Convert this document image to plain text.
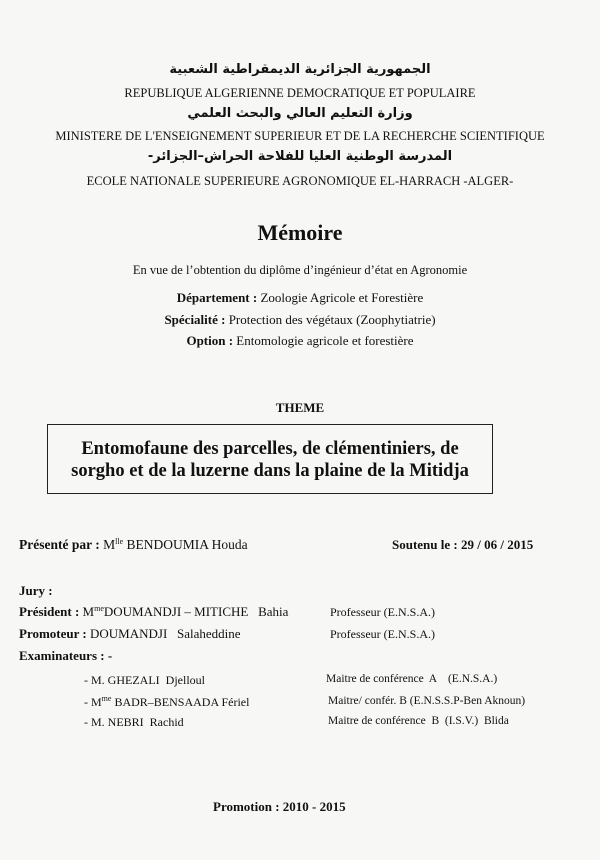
الجمهورية الجزائرية الديمقراطية الشعبية
REPUBLIQUE ALGERIENNE DEMOCRATIQUE ET POPULAIRE
وزارة التعليم العالي والبحث العلمي
MINISTERE DE L'ENSEIGNEMENT SUPERIEUR ET DE LA RECHERCHE SCIENTIFIQUE
المدرسة الوطنية العليا للفلاحة الحراش–الجزائر-
ECOLE NATIONALE SUPERIEURE AGRONOMIQUE EL-HARRACH -ALGER-
Mémoire
En vue de l’obtention du diplôme d’ingénieur d’état en Agronomie
Département : Zoologie Agricole et Forestière
Spécialité : Protection des végétaux (Zoophytiatrie)
Option : Entomologie agricole et forestière
THEME
Entomofaune des parcelles, de clémentiniers, de
sorgho et de la luzerne dans la plaine de la Mitidja
Présenté par : $M^{lle}$ BENDOUMIA Houda	Soutenu le : 29 / 06 / 2015
Jury :
Président : $M^{me}DOUMANDJI$ – MITICHE   Bahia	Professeur (E.N.S.A.)
Promoteur : DOUMANDJI   Salaheddine	Professeur (E.N.S.A.)
Examinateurs : -
- M. GHEZALI  Djelloul	Maitre de conférence  A    (E.N.S.A.)
- $M^{me}$ BADR–BENSAADA Fériel	Maitre/ confér. B (E.N.S.S.P-Ben Aknoun)
- M. NEBRI  Rachid	Maitre de conférence  B  (I.S.V.)  Blida
Promotion : 2010 - 2015
